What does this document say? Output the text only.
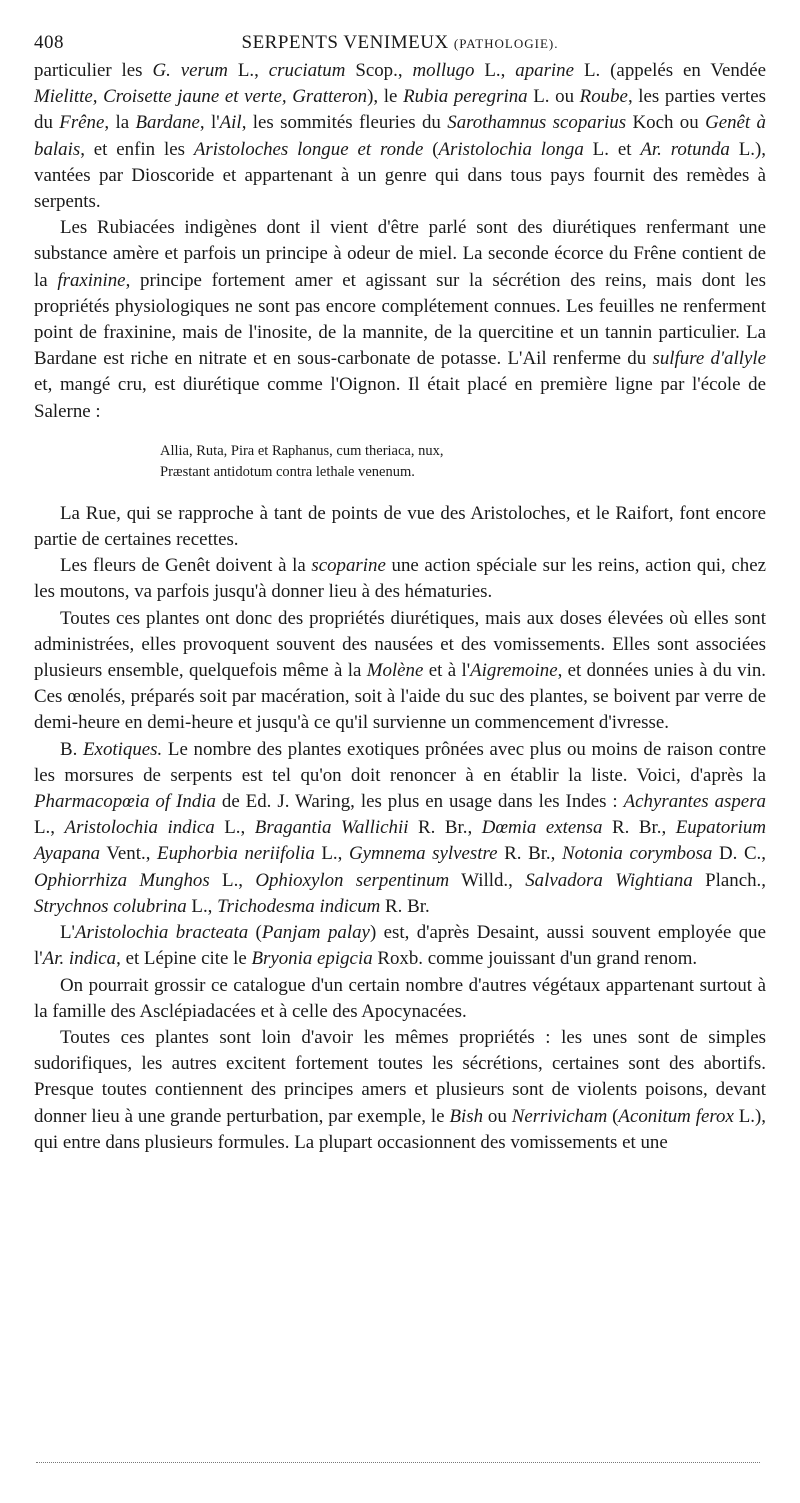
408	SERPENTS VENIMEUX (PATHOLOGIE).

particulier les G. verum L., cruciatum Scop., mollugo L., aparine L. (appelés en Vendée Mielitte, Croisette jaune et verte, Gratteron), le Rubia peregrina L. ou Roube, les parties vertes du Frêne, la Bardane, l'Ail, les sommités fleuries du Sarothamnus scoparius Koch ou Genêt à balais, et enfin les Aristoloches longue et ronde (Aristolochia longa L. et Ar. rotunda L.), vantées par Dioscoride et appartenant à un genre qui dans tous pays fournit des remèdes à serpents.

Les Rubiacées indigènes dont il vient d'être parlé sont des diurétiques renfermant une substance amère et parfois un principe à odeur de miel. La seconde écorce du Frêne contient de la fraxinine, principe fortement amer et agissant sur la sécrétion des reins, mais dont les propriétés physiologiques ne sont pas encore complétement connues. Les feuilles ne renferment point de fraxinine, mais de l'inosite, de la mannite, de la quercitine et un tannin particulier. La Bardane est riche en nitrate et en sous-carbonate de potasse. L'Ail renferme du sulfure d'allyle et, mangé cru, est diurétique comme l'Oignon. Il était placé en première ligne par l'école de Salerne :

Allia, Ruta, Pira et Raphanus, cum theriaca, nux,
Præstant antidotum contra lethale venenum.

La Rue, qui se rapproche à tant de points de vue des Aristoloches, et le Raifort, font encore partie de certaines recettes.

Les fleurs de Genêt doivent à la scoparine une action spéciale sur les reins, action qui, chez les moutons, va parfois jusqu'à donner lieu à des hématuries.

Toutes ces plantes ont donc des propriétés diurétiques, mais aux doses élevées où elles sont administrées, elles provoquent souvent des nausées et des vomissements. Elles sont associées plusieurs ensemble, quelquefois même à la Molène et à l'Aigremoine, et données unies à du vin. Ces œnolés, préparés soit par macération, soit à l'aide du suc des plantes, se boivent par verre de demi-heure en demi-heure et jusqu'à ce qu'il survienne un commencement d'ivresse.

B. Exotiques. Le nombre des plantes exotiques prônées avec plus ou moins de raison contre les morsures de serpents est tel qu'on doit renoncer à en établir la liste. Voici, d'après la Pharmacopœia of India de Ed. J. Waring, les plus en usage dans les Indes : Achyrantes aspera L., Aristolochia indica L., Bragantia Wallichii R. Br., Dœmia extensa R. Br., Eupatorium Ayapana Vent., Euphorbia neriifolia L., Gymnema sylvestre R. Br., Notonia corymbosa D. C., Ophiorrhiza Munghos L., Ophioxylon serpentinum Willd., Salvadora Wightiana Planch., Strychnos colubrina L., Trichodesma indicum R. Br.

L'Aristolochia bracteata (Panjam palay) est, d'après Desaint, aussi souvent employée que l'Ar. indica, et Lépine cite le Bryonia epigcia Roxb. comme jouissant d'un grand renom.

On pourrait grossir ce catalogue d'un certain nombre d'autres végétaux appartenant surtout à la famille des Asclépiadacées et à celle des Apocynacées.

Toutes ces plantes sont loin d'avoir les mêmes propriétés : les unes sont de simples sudorifiques, les autres excitent fortement toutes les sécrétions, certaines sont des abortifs. Presque toutes contiennent des principes amers et plusieurs sont de violents poisons, devant donner lieu à une grande perturbation, par exemple, le Bish ou Nerrivicham (Aconitum ferox L.), qui entre dans plusieurs formules. La plupart occasionnent des vomissements et une
